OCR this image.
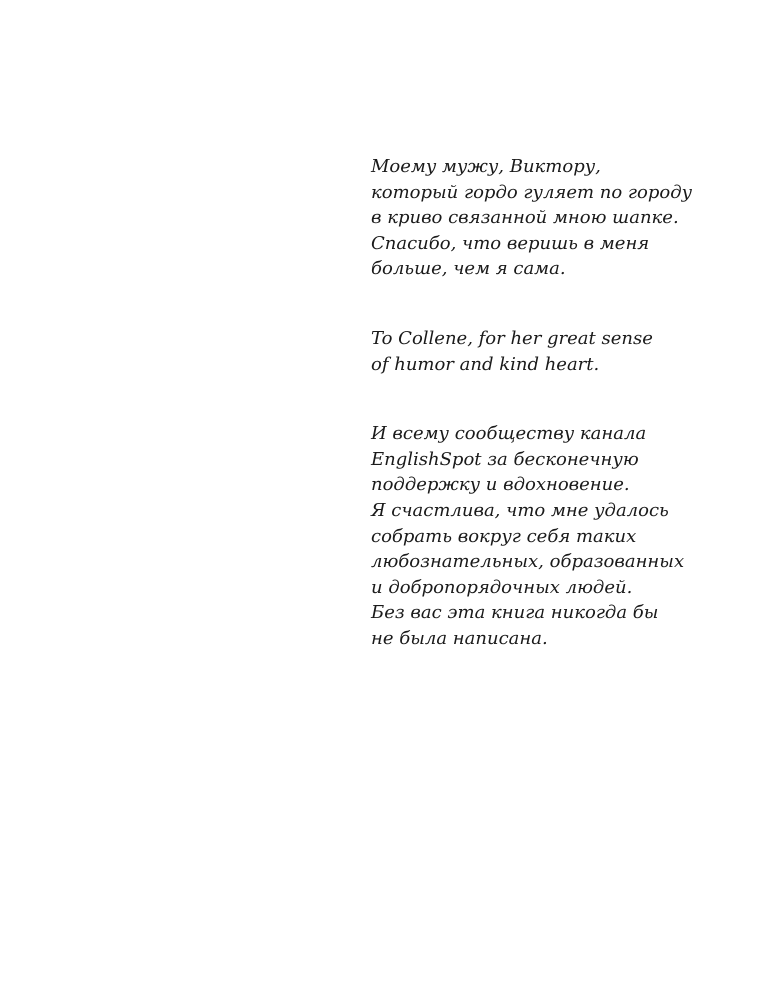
Моему мужу, Виктору,
который гордо гуляет по городу
в криво связанной мною шапке.
Спасибо, что веришь в меня
больше, чем я сама.

To Collene, for her great sense
of humor and kind heart.

И всему сообществу канала
EnglishSpot за бесконечную
поддержку и вдохновение.
Я счастлива, что мне удалось
собрать вокруг себя таких
любознательных, образованных
и добропорядочных людей.
Без вас эта книга никогда бы
не была написана.
